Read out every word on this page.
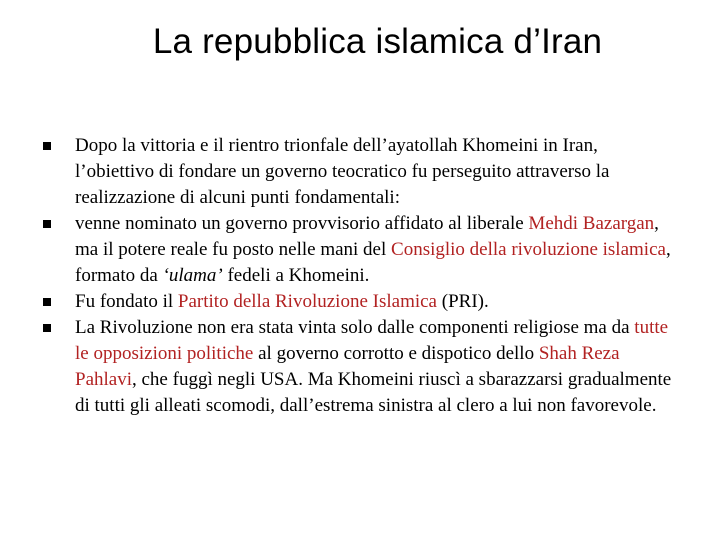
La repubblica islamica d’Iran
Dopo la vittoria e il rientro trionfale dell’ayatollah Khomeini in Iran, l’obiettivo di fondare un governo teocratico fu perseguito attraverso la realizzazione di alcuni punti fondamentali:
venne nominato un governo provvisorio affidato al liberale Mehdi Bazargan, ma il potere reale fu posto nelle mani del Consiglio della rivoluzione islamica, formato da ‘ulama’ fedeli a Khomeini.
Fu fondato il Partito della Rivoluzione Islamica (PRI).
La Rivoluzione non era stata vinta solo dalle componenti religiose ma da tutte le opposizioni politiche al governo corrotto e dispotico dello Shah Reza Pahlavi, che fuggì negli USA. Ma Khomeini riuscì a sbarazzarsi gradualmente di tutti gli alleati scomodi, dall’estrema sinistra al clero a lui non favorevole.
